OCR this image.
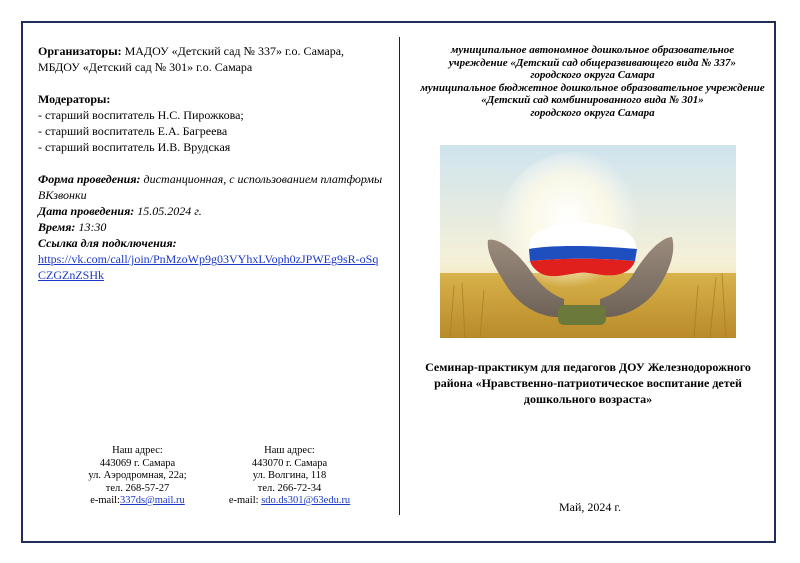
Организаторы: МАДОУ «Детский сад № 337» г.о. Самара, МБДОУ «Детский сад № 301» г.о. Самара
Модераторы:
- старший воспитатель Н.С. Пирожкова;
- старший воспитатель Е.А. Багреева
- старший воспитатель И.В. Врудская
Форма проведения: дистанционная, с использованием платформы ВКзвонки
Дата проведения: 15.05.2024 г.
Время: 13:30
Ссылка для подключения:
https://vk.com/call/join/PnMzoWp9g03VYhxLVoph0zJPWEg9sR-oSqCZGZnZSHk
Наш адрес:
443069 г. Самара
ул. Аэродромная, 22а;
тел. 268-57-27
e-mail:337ds@mail.ru
Наш адрес:
443070 г. Самара
ул. Волгина, 118
тел. 266-72-34
e-mail: sdo.ds301@63edu.ru
муниципальное автономное дошкольное образовательное
учреждение «Детский сад общеразвивающего вида № 337»
городского округа Самара
муниципальное бюджетное дошкольное образовательное учреждение
«Детский сад комбинированного вида № 301»
городского округа Самара
Семинар-практикум для педагогов ДОУ Железнодорожного района «Нравственно-патриотическое воспитание детей дошкольного возраста»
Май, 2024 г.
